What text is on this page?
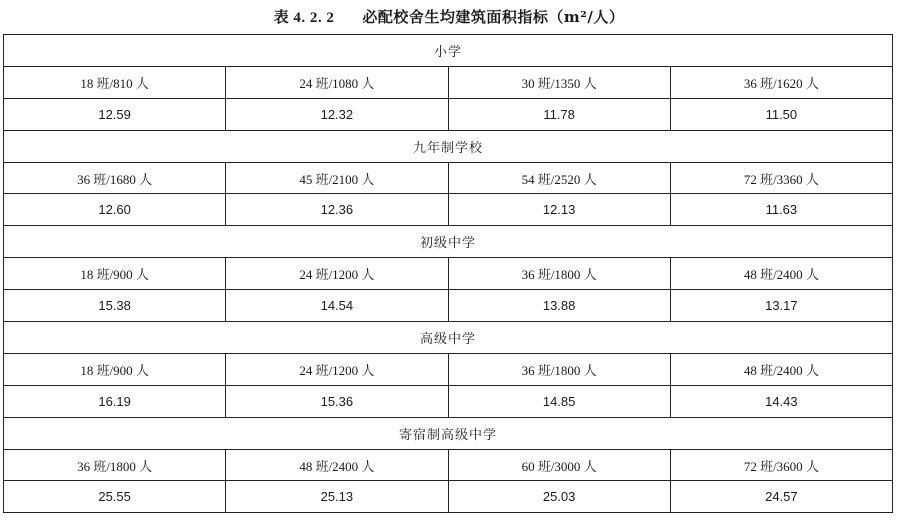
表 4. 2. 2 必配校舍生均建筑面积指标（m²/人）
小学			
18 班/810 人	24 班/1080 人	30 班/1350 人	36 班/1620 人
12.59	12.32	11.78	11.50
九年制学校			
36 班/1680 人	45 班/2100 人	54 班/2520 人	72 班/3360 人
12.60	12.36	12.13	11.63
初级中学			
18 班/900 人	24 班/1200 人	36 班/1800 人	48 班/2400 人
15.38	14.54	13.88	13.17
高级中学			
18 班/900 人	24 班/1200 人	36 班/1800 人	48 班/2400 人
16.19	15.36	14.85	14.43
寄宿制高级中学			
36 班/1800 人	48 班/2400 人	60 班/3000 人	72 班/3600 人
25.55	25.13	25.03	24.57
